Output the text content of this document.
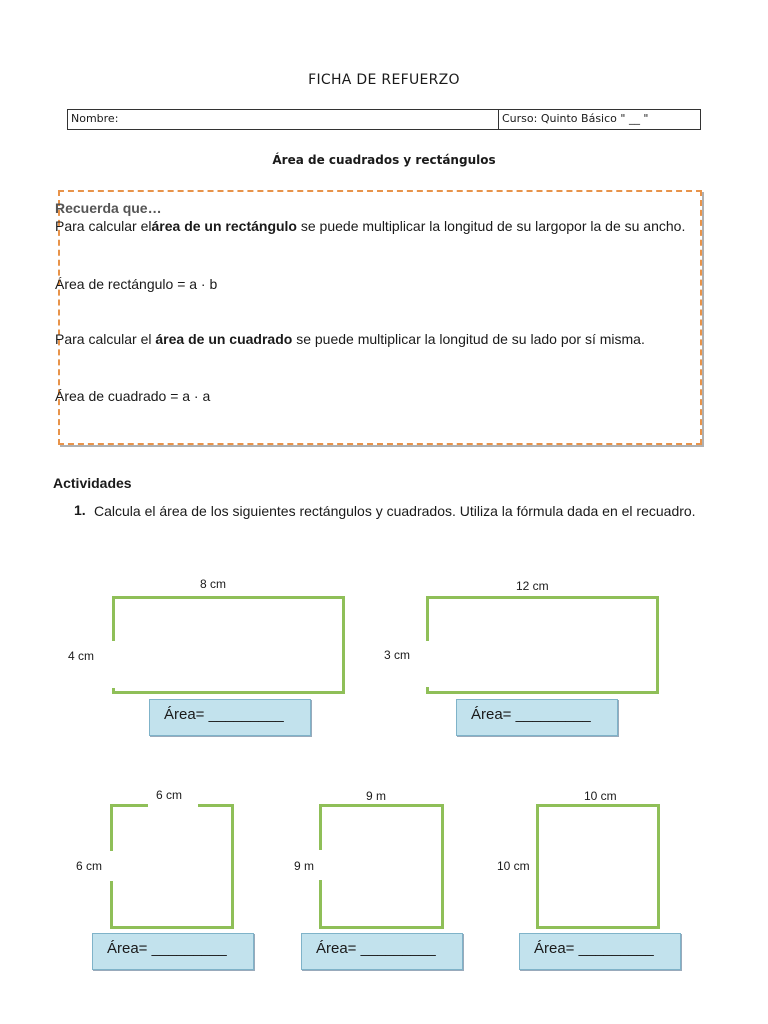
FICHA DE REFUERZO
Nombre:	Curso: Quinto Básico " __ "
Área de cuadrados y rectángulos
Recuerda que…
Para calcular elárea de un rectángulo se puede multiplicar la longitud de su largopor la de su ancho.
Área de rectángulo = a · b
Para calcular el área de un cuadrado se puede multiplicar la longitud de su lado por sí misma.
Área de cuadrado = a · a
Actividades
1. Calcula el área de los siguientes rectángulos y cuadrados. Utiliza la fórmula dada en el recuadro.
8 cm
4 cm
Área= _________
12 cm
3 cm
Área= _________
6 cm
6 cm
Área= _________
9 m
9 m
Área= _________
10 cm
10 cm
Área= _________
